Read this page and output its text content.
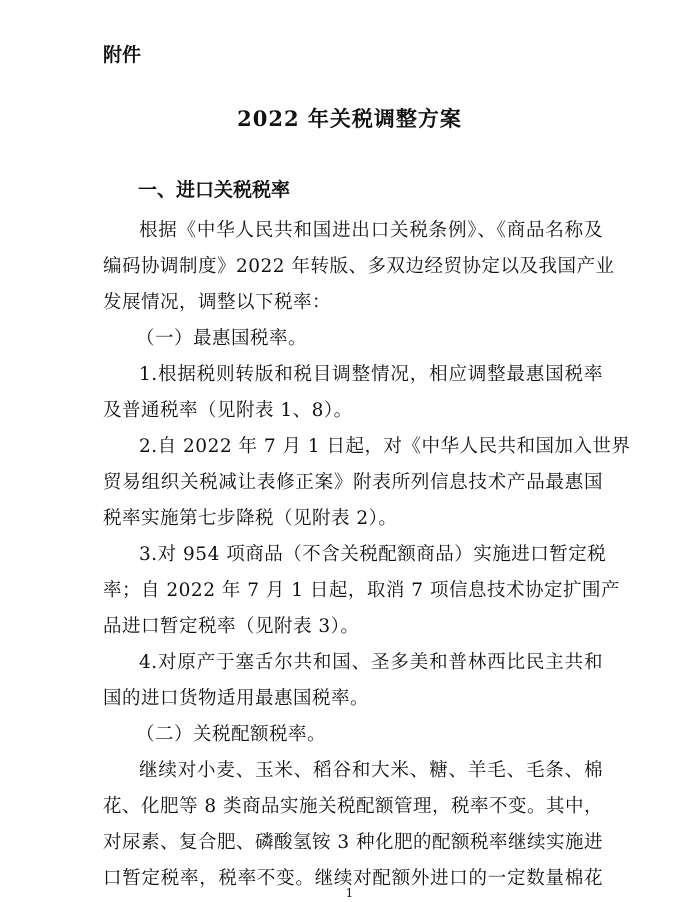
附件
2022 年关税调整方案
一、进口关税税率
根据《中华人民共和国进出口关税条例》、《商品名称及
编码协调制度》2022 年转版、多双边经贸协定以及我国产业
发展情况，调整以下税率：
（一）最惠国税率。
1.根据税则转版和税目调整情况，相应调整最惠国税率
及普通税率（见附表 1、8）。
2.自 2022 年 7 月 1 日起，对《中华人民共和国加入世界
贸易组织关税减让表修正案》附表所列信息技术产品最惠国
税率实施第七步降税（见附表 2）。
3.对 954 项商品（不含关税配额商品）实施进口暂定税
率；自 2022 年 7 月 1 日起，取消 7 项信息技术协定扩围产
品进口暂定税率（见附表 3）。
4.对原产于塞舌尔共和国、圣多美和普林西比民主共和
国的进口货物适用最惠国税率。
（二）关税配额税率。
继续对小麦、玉米、稻谷和大米、糖、羊毛、毛条、棉
花、化肥等 8 类商品实施关税配额管理，税率不变。其中，
对尿素、复合肥、磷酸氢铵 3 种化肥的配额税率继续实施进
口暂定税率，税率不变。继续对配额外进口的一定数量棉花
1
